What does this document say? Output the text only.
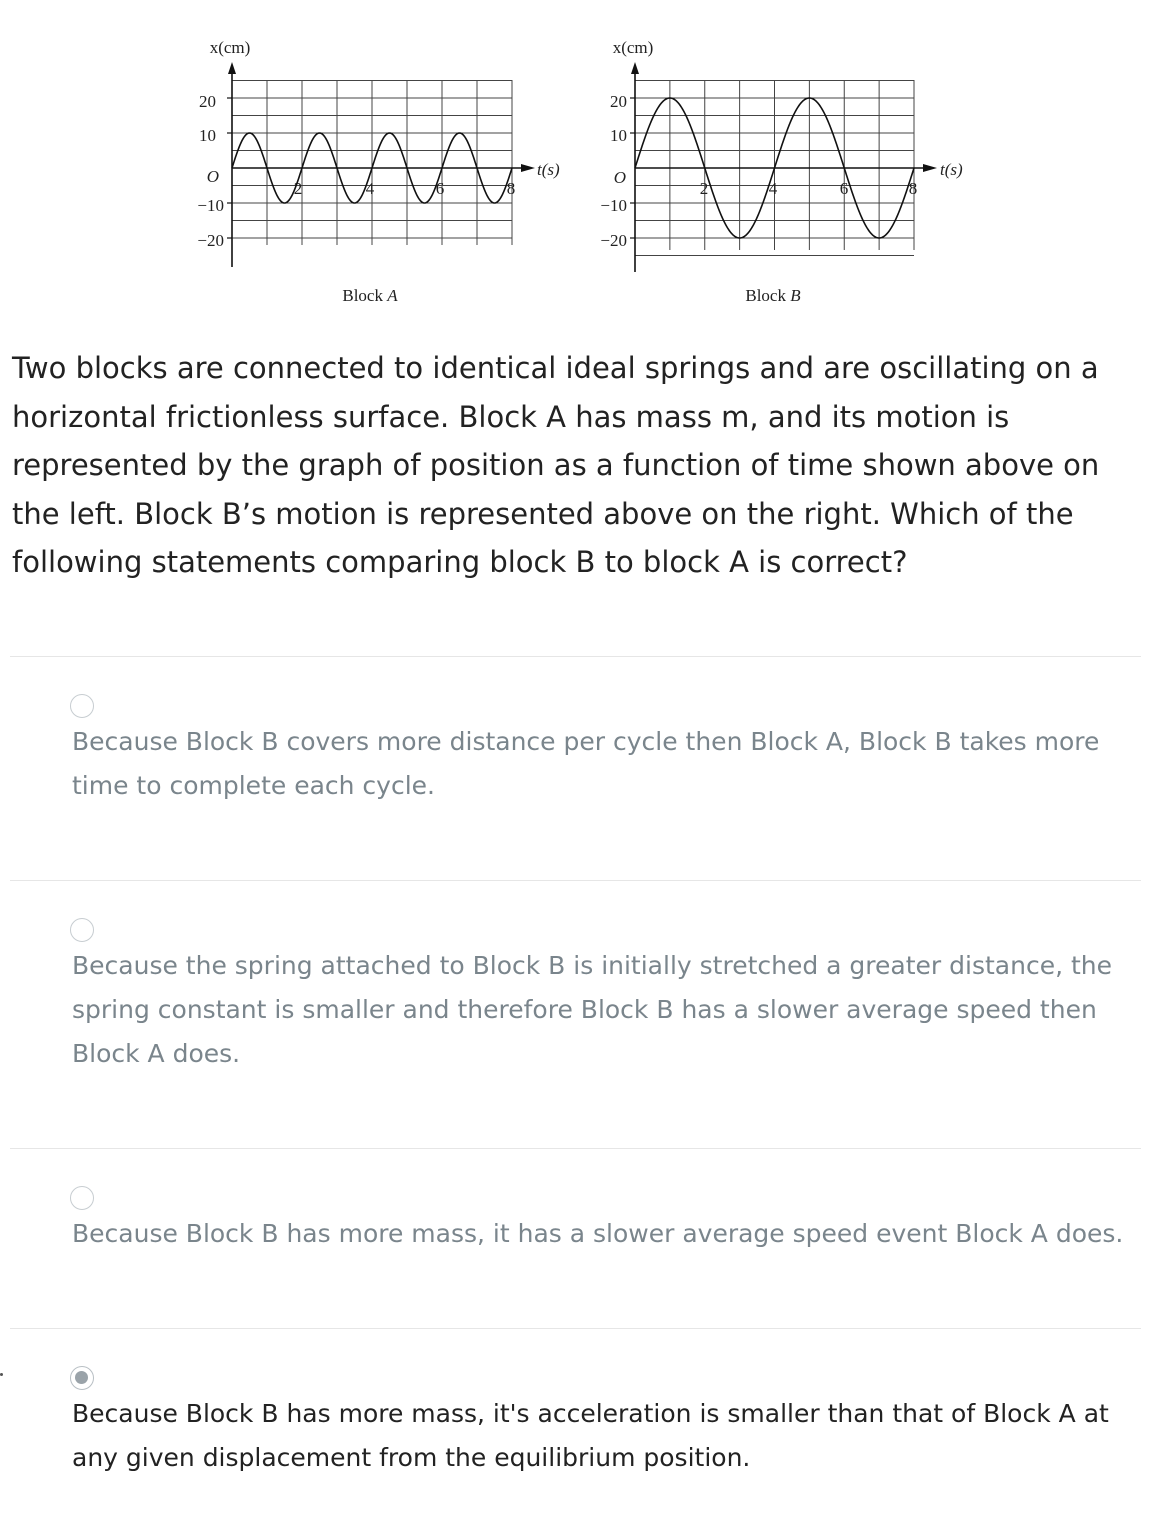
x(cm)
20
10
O
−10
−20
2	4	6	8
t(s)
Block A
x(cm)
20
10
O
−10
−20
2	4	6	8
t(s)
Block B

Two blocks are connected to identical ideal springs and are oscillating on a horizontal frictionless surface. Block A has mass m, and its motion is represented by the graph of position as a function of time shown above on the left. Block B’s motion is represented above on the right. Which of the following statements comparing block B to block A is correct?

Because Block B covers more distance per cycle then Block A, Block B takes more time to complete each cycle.

Because the spring attached to Block B is initially stretched a greater distance, the spring constant is smaller and therefore Block B has a slower average speed then Block A does.

Because Block B has more mass, it has a slower average speed event Block A does.

Because Block B has more mass, it's acceleration is smaller than that of Block A at any given displacement from the equilibrium position.
